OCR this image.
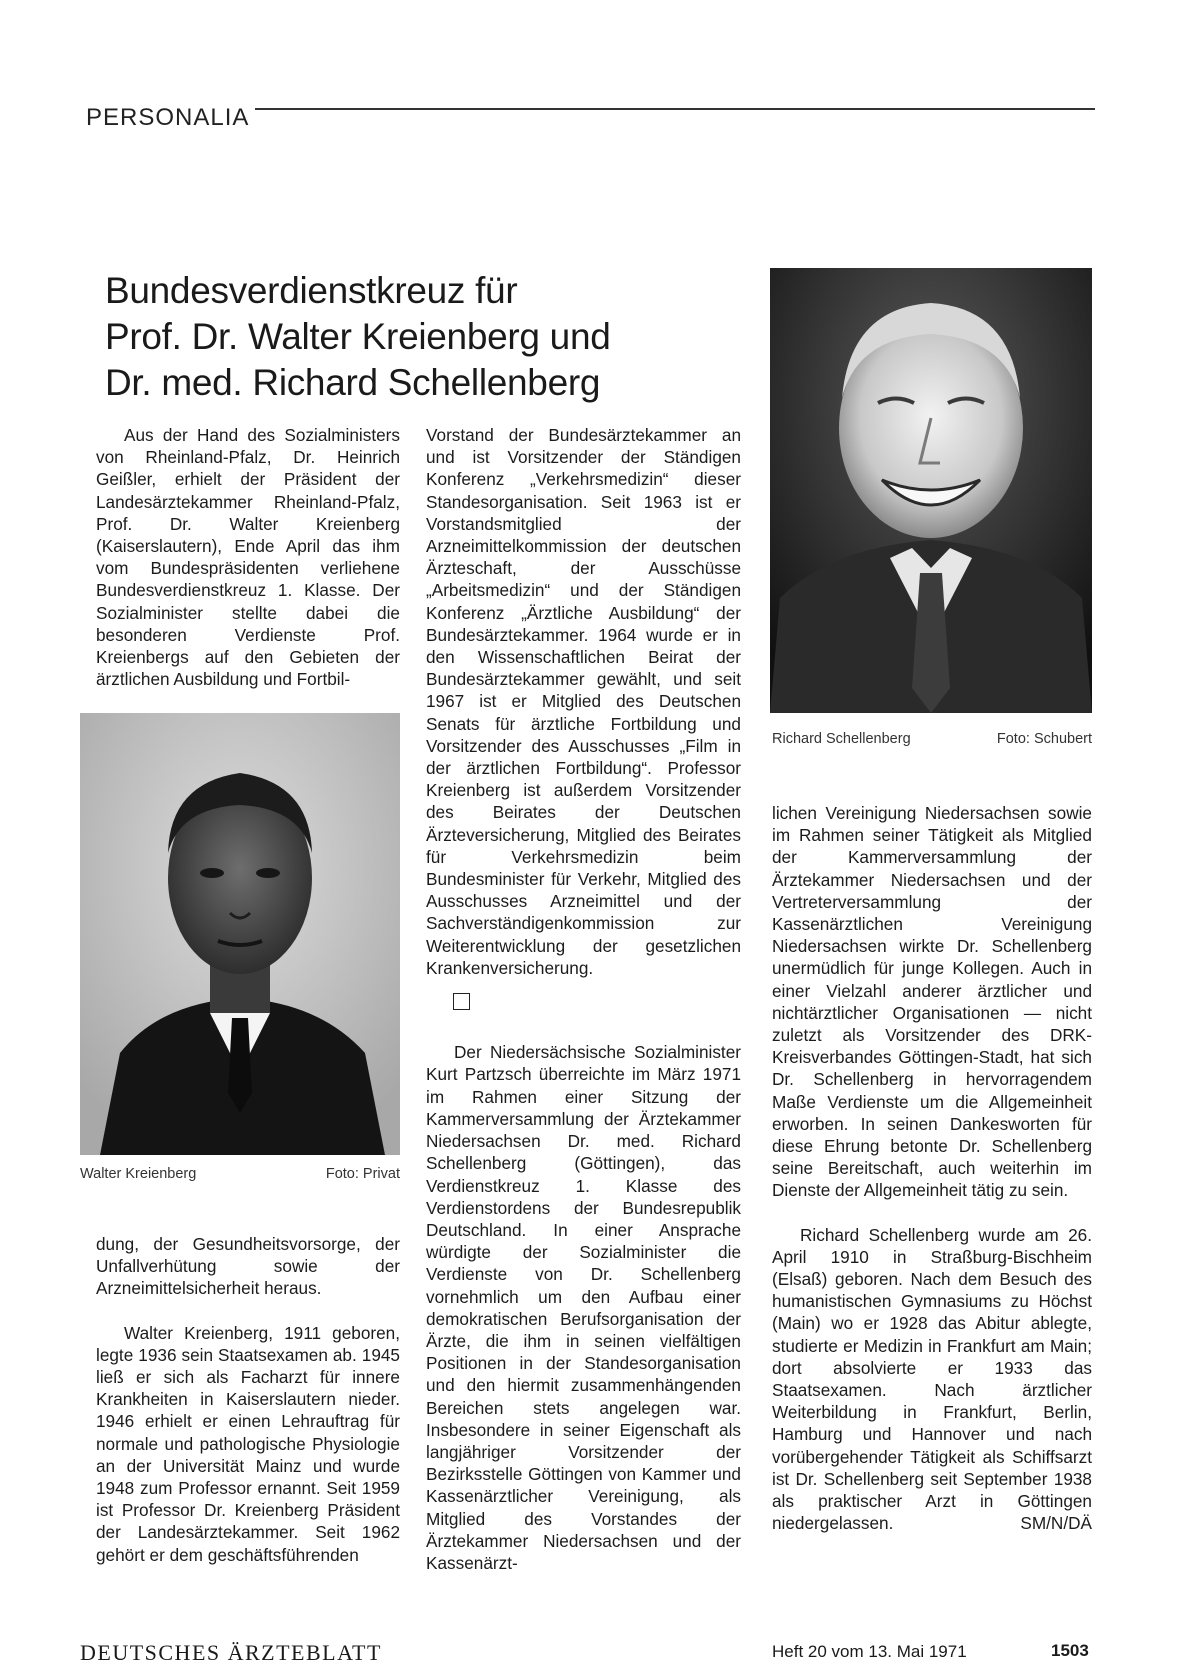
PERSONALIA
Bundesverdienstkreuz für
Prof. Dr. Walter Kreienberg und
Dr. med. Richard Schellenberg

Aus der Hand des Sozialministers von Rheinland-Pfalz, Dr. Heinrich Geißler, erhielt der Präsident der Landesärztekammer Rheinland-Pfalz, Prof. Dr. Walter Kreienberg (Kaiserslautern), Ende April das ihm vom Bundespräsidenten verliehene Bundesverdienstkreuz 1. Klasse. Der Sozialminister stellte dabei die besonderen Verdienste Prof. Kreienbergs auf den Gebieten der ärztlichen Ausbildung und Fortbil-

Walter Kreienberg	Foto: Privat

dung, der Gesundheitsvorsorge, der Unfallverhütung sowie der Arzneimittelsicherheit heraus.

Walter Kreienberg, 1911 geboren, legte 1936 sein Staatsexamen ab. 1945 ließ er sich als Facharzt für innere Krankheiten in Kaiserslautern nieder. 1946 erhielt er einen Lehrauftrag für normale und pathologische Physiologie an der Universität Mainz und wurde 1948 zum Professor ernannt. Seit 1959 ist Professor Dr. Kreienberg Präsident der Landesärztekammer. Seit 1962 gehört er dem geschäftsführenden

Vorstand der Bundesärztekammer an und ist Vorsitzender der Ständigen Konferenz „Verkehrsmedizin“ dieser Standesorganisation. Seit 1963 ist er Vorstandsmitglied der Arzneimittelkommission der deutschen Ärzteschaft, der Ausschüsse „Arbeitsmedizin“ und der Ständigen Konferenz „Ärztliche Ausbildung“ der Bundesärztekammer. 1964 wurde er in den Wissenschaftlichen Beirat der Bundesärztekammer gewählt, und seit 1967 ist er Mitglied des Deutschen Senats für ärztliche Fortbildung und Vorsitzender des Ausschusses „Film in der ärztlichen Fortbildung“. Professor Kreienberg ist außerdem Vorsitzender des Beirates der Deutschen Ärzteversicherung, Mitglied des Beirates für Verkehrsmedizin beim Bundesminister für Verkehr, Mitglied des Ausschusses Arzneimittel und der Sachverständigenkommission zur Weiterentwicklung der gesetzlichen Krankenversicherung.

Der Niedersächsische Sozialminister Kurt Partzsch überreichte im März 1971 im Rahmen einer Sitzung der Kammerversammlung der Ärztekammer Niedersachsen Dr. med. Richard Schellenberg (Göttingen), das Verdienstkreuz 1. Klasse des Verdienstordens der Bundesrepublik Deutschland. In einer Ansprache würdigte der Sozialminister die Verdienste von Dr. Schellenberg vornehmlich um den Aufbau einer demokratischen Berufsorganisation der Ärzte, die ihm in seinen vielfältigen Positionen in der Standesorganisation und den hiermit zusammenhängenden Bereichen stets angelegen war. Insbesondere in seiner Eigenschaft als langjähriger Vorsitzender der Bezirksstelle Göttingen von Kammer und Kassenärztlicher Vereinigung, als Mitglied des Vorstandes der Ärztekammer Niedersachsen und der Kassenärzt-

Richard Schellenberg	Foto: Schubert

lichen Vereinigung Niedersachsen sowie im Rahmen seiner Tätigkeit als Mitglied der Kammerversammlung der Ärztekammer Niedersachsen und der Vertreterversammlung der Kassenärztlichen Vereinigung Niedersachsen wirkte Dr. Schellenberg unermüdlich für junge Kollegen. Auch in einer Vielzahl anderer ärztlicher und nichtärztlicher Organisationen — nicht zuletzt als Vorsitzender des DRK-Kreisverbandes Göttingen-Stadt, hat sich Dr. Schellenberg in hervorragendem Maße Verdienste um die Allgemeinheit erworben. In seinen Dankesworten für diese Ehrung betonte Dr. Schellenberg seine Bereitschaft, auch weiterhin im Dienste der Allgemeinheit tätig zu sein.

Richard Schellenberg wurde am 26. April 1910 in Straßburg-Bischheim (Elsaß) geboren. Nach dem Besuch des humanistischen Gymnasiums zu Höchst (Main) wo er 1928 das Abitur ablegte, studierte er Medizin in Frankfurt am Main; dort absolvierte er 1933 das Staatsexamen. Nach ärztlicher Weiterbildung in Frankfurt, Berlin, Hamburg und Hannover und nach vorübergehender Tätigkeit als Schiffsarzt ist Dr. Schellenberg seit September 1938 als praktischer Arzt in Göttingen niedergelassen.	SM/N/DÄ

DEUTSCHES ÄRZTEBLATT	Heft 20 vom 13. Mai 1971	1503
